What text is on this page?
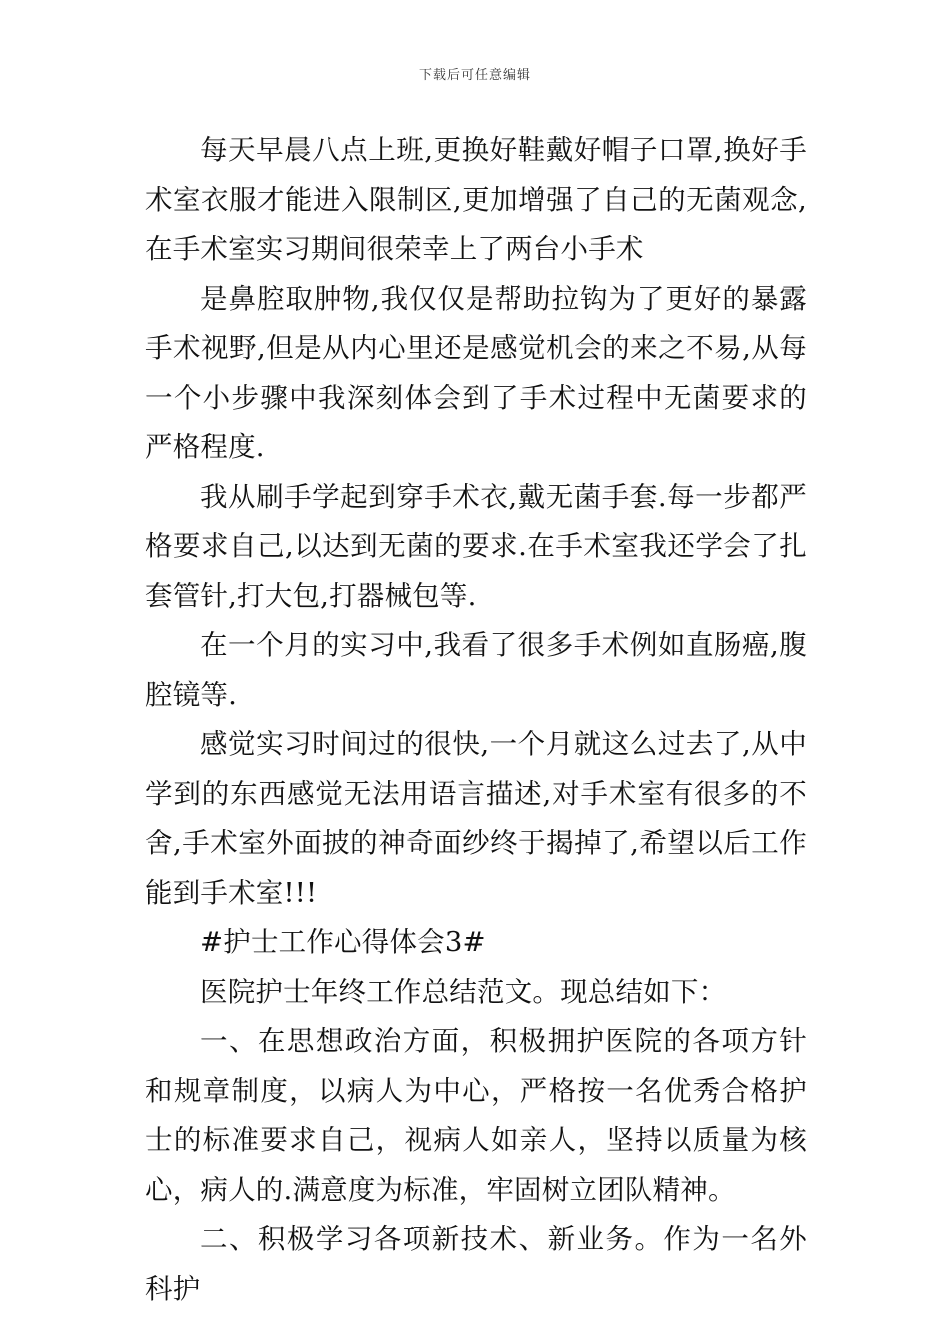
下载后可任意编辑

每天早晨八点上班,更换好鞋戴好帽子口罩,换好手术室衣服才能进入限制区,更加增强了自己的无菌观念,在手术室实习期间很荣幸上了两台小手术

是鼻腔取肿物,我仅仅是帮助拉钩为了更好的暴露手术视野,但是从内心里还是感觉机会的来之不易,从每一个小步骤中我深刻体会到了手术过程中无菌要求的严格程度.

我从刷手学起到穿手术衣,戴无菌手套.每一步都严格要求自己,以达到无菌的要求.在手术室我还学会了扎套管针,打大包,打器械包等.

在一个月的实习中,我看了很多手术例如直肠癌,腹腔镜等.

感觉实习时间过的很快,一个月就这么过去了,从中学到的东西感觉无法用语言描述,对手术室有很多的不舍,手术室外面披的神奇面纱终于揭掉了,希望以后工作能到手术室!!!

#护士工作心得体会3#

医院护士年终工作总结范文。现总结如下：

一、在思想政治方面，积极拥护医院的各项方针和规章制度，以病人为中心，严格按一名优秀合格护士的标准要求自己，视病人如亲人，坚持以质量为核心，病人的.满意度为标准，牢固树立团队精神。

二、积极学习各项新技术、新业务。作为一名外科护
